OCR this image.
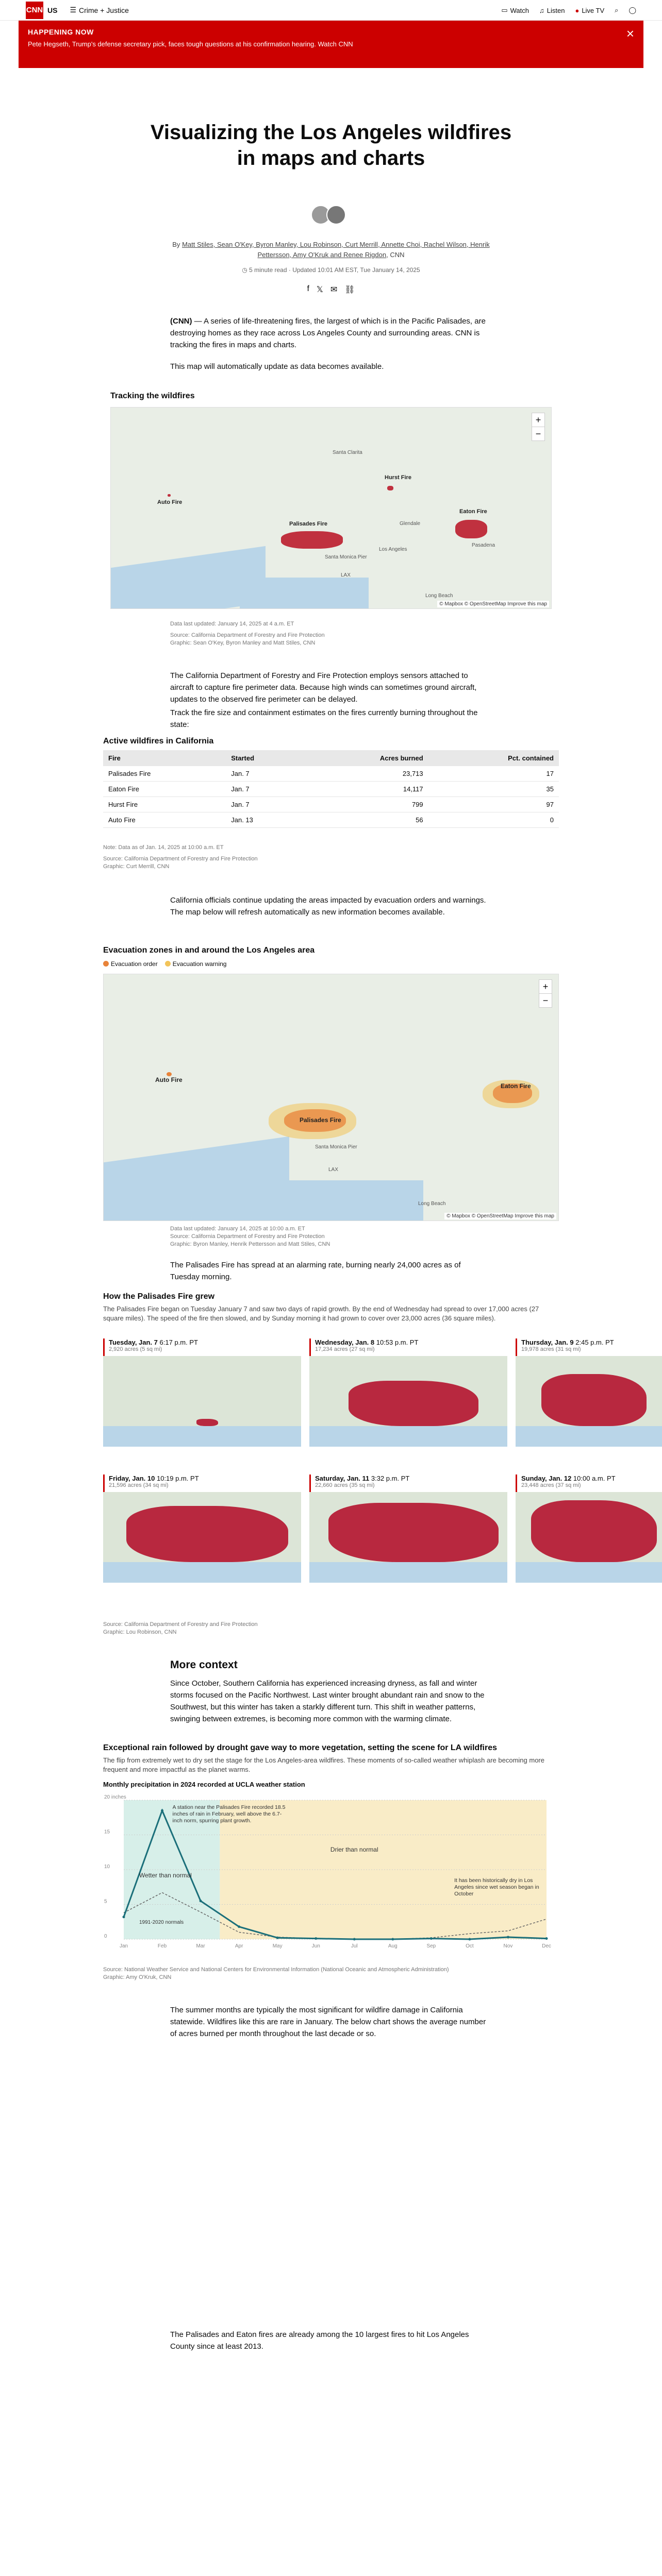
CNN US ☰ Crime + Justice	▭ Watch ♫ Listen ● Live TV ⌕ ◯
HAPPENING NOW
Pete Hegseth, Trump's defense secretary pick, faces tough questions at his confirmation hearing. Watch CNN
×
Visualizing the Los Angeles wildfires in maps and charts
By Matt Stiles, Sean O'Key, Byron Manley, Lou Robinson, Curt Merrill, Annette Choi, Rachel Wilson, Henrik Pettersson, Amy O'Kruk and Renee Rigdon, CNN
◷ 5 minute read · Updated 10:01 AM EST, Tue January 14, 2025
f 𝕏 ✉ ⛓
(CNN) — A series of life-threatening fires, the largest of which is in the Pacific Palisades, are destroying homes as they race across Los Angeles County and surrounding areas. CNN is tracking the fires in maps and charts.
This map will automatically update as data becomes available.
Tracking the wildfires
Hurst Fire
Auto Fire
Eaton Fire
Palisades Fire
Santa Clarita
Pasadena
Glendale
Los Angeles
Santa Monica Pier
LAX
Long Beach
+
−
© Mapbox © OpenStreetMap Improve this map
Data last updated: January 14, 2025 at 4 a.m. ET
Source: California Department of Forestry and Fire Protection
Graphic: Sean O'Key, Byron Manley and Matt Stiles, CNN
The California Department of Forestry and Fire Protection employs sensors attached to aircraft to capture fire perimeter data. Because high winds can sometimes ground aircraft, updates to the observed fire perimeter can be delayed.
Track the fire size and containment estimates on the fires currently burning throughout the state:
Active wildfires in California
Fire	Started	Acres burned	Pct. contained
Palisades Fire	Jan. 7	23,713	17
Eaton Fire	Jan. 7	14,117	35
Hurst Fire	Jan. 7	799	97
Auto Fire	Jan. 13	56	0
Note: Data as of Jan. 14, 2025 at 10:00 a.m. ET
Source: California Department of Forestry and Fire Protection
Graphic: Curt Merrill, CNN
California officials continue updating the areas impacted by evacuation orders and warnings. The map below will refresh automatically as new information becomes available.
Evacuation zones in and around the Los Angeles area
Evacuation order	Evacuation warning
Auto Fire
Eaton Fire
Palisades Fire
Santa Monica Pier
LAX
Long Beach
+
−
© Mapbox © OpenStreetMap Improve this map
Data last updated: January 14, 2025 at 10:00 a.m. ET
Source: California Department of Forestry and Fire Protection
Graphic: Byron Manley, Henrik Pettersson and Matt Stiles, CNN
The Palisades Fire has spread at an alarming rate, burning nearly 24,000 acres as of Tuesday morning.
How the Palisades Fire grew
The Palisades Fire began on Tuesday January 7 and saw two days of rapid growth. By the end of Wednesday had spread to over 17,000 acres (27 square miles). The speed of the fire then slowed, and by Sunday morning it had grown to cover over 23,000 acres (36 square miles).
Tuesday, Jan. 7 6:17 p.m. PT
2,920 acres (5 sq mi)
Wednesday, Jan. 8 10:53 p.m. PT
17,234 acres (27 sq mi)
Thursday, Jan. 9 2:45 p.m. PT
19,978 acres (31 sq mi)
Friday, Jan. 10 10:19 p.m. PT
21,596 acres (34 sq mi)
Saturday, Jan. 11 3:32 p.m. PT
22,660 acres (35 sq mi)
Sunday, Jan. 12 10:00 a.m. PT
23,448 acres (37 sq mi)
Source: California Department of Forestry and Fire Protection
Graphic: Lou Robinson, CNN
More context
Since October, Southern California has experienced increasing dryness, as fall and winter storms focused on the Pacific Northwest. Last winter brought abundant rain and snow to the Southwest, but this winter has taken a starkly different turn. This shift in weather patterns, swinging between extremes, is becoming more common with the warming climate.
Exceptional rain followed by drought gave way to more vegetation, setting the scene for LA wildfires
The flip from extremely wet to dry set the stage for the Los Angeles-area wildfires. These moments of so-called weather whiplash are becoming more frequent and more impactful as the planet warms.
Monthly precipitation in 2024 recorded at UCLA weather station
0
5
10
15
20 inches
Jan	Feb	Mar	Apr	May	Jun	Jul	Aug	Sep	Oct	Nov	Dec
Wetter than normal
Drier than normal
1991-2020 normals
A station near the Palisades Fire recorded 18.5 inches of rain in February, well above the 6.7-inch norm, spurring plant growth.
It has been historically dry in Los Angeles since wet season began in October
Source: National Weather Service and National Centers for Environmental Information (National Oceanic and Atmospheric Administration)
Graphic: Amy O'Kruk, CNN
The summer months are typically the most significant for wildfire damage in California statewide. Wildfires like this are rare in January. The below chart shows the average number of acres burned per month throughout the last decade or so.
The Palisades and Eaton fires are already among the 10 largest fires to hit Los Angeles County since at least 2013.
